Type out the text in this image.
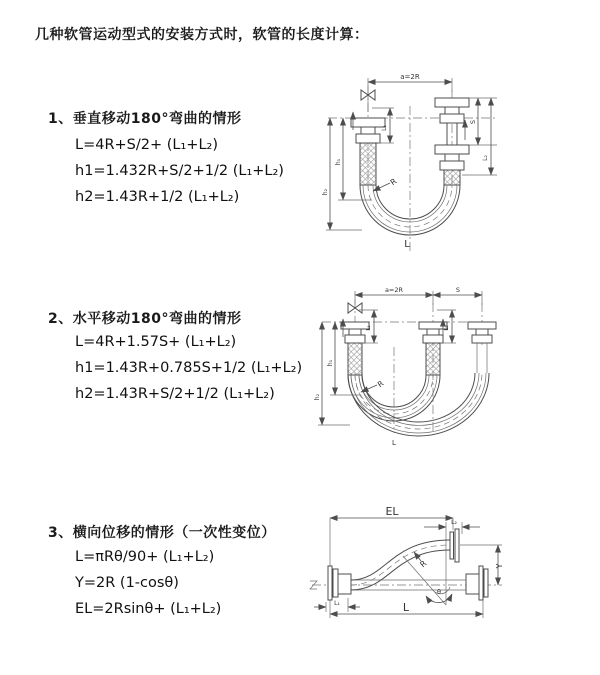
几种软管运动型式的安装方式时，软管的长度计算：
1、垂直移动180°弯曲的情形
L=4R+S/2+ (L₁+L₂)
h1=1.432R+S/2+1/2 (L₁+L₂)
h2=1.43R+1/2 (L₁+L₂)
2、水平移动180°弯曲的情形
L=4R+1.57S+ (L₁+L₂)
h1=1.43R+0.785S+1/2 (L₁+L₂)
h2=1.43R+S/2+1/2 (L₁+L₂)
3、横向位移的情形（一次性变位）
L=πRθ/90+ (L₁+L₂)
Y=2R (1-cosθ)
EL=2Rsinθ+ (L₁+L₂)
a=2R
L₁
h₁
h₂
S
L₂
R
L
a=2R	S
L₁	L₂
h₁
h₂
R
L
EL
L₂
Y
θ
R
L
L₁
